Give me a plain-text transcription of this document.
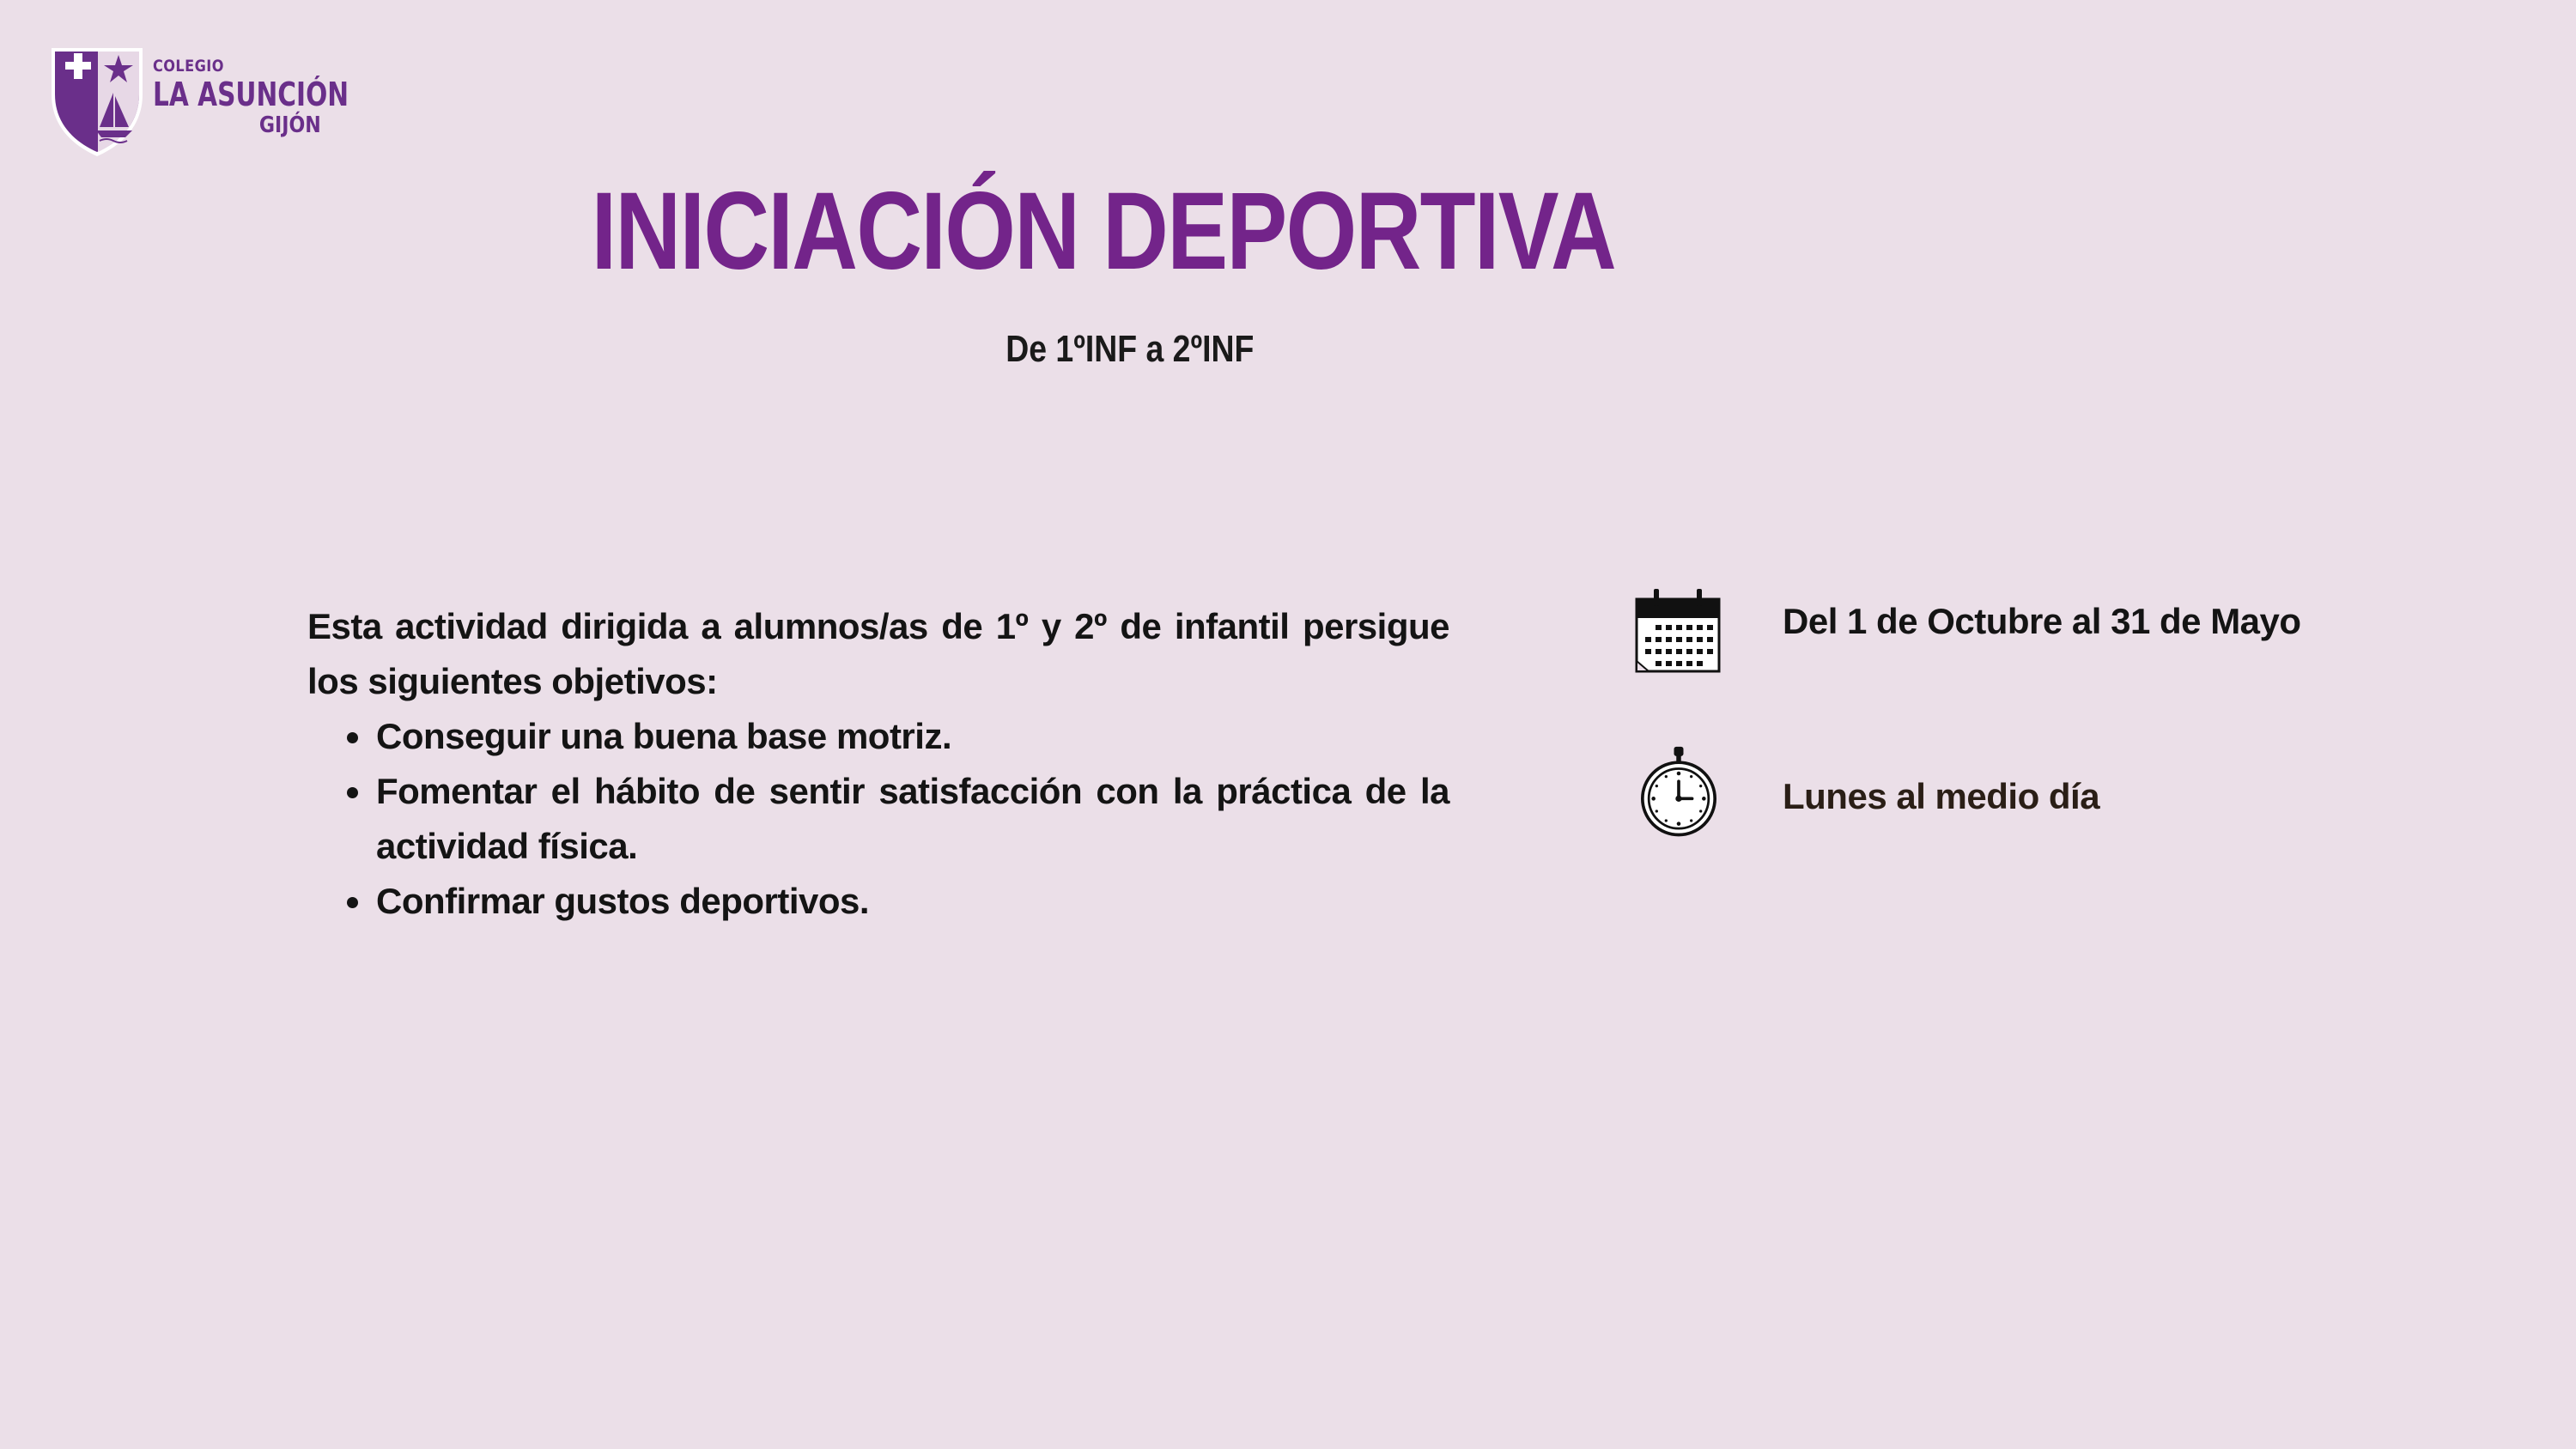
COLEGIO
LA ASUNCIÓN
GIJÓN
INICIACIÓN DEPORTIVA
De 1ºINF a 2ºINF

Esta actividad dirigida a alumnos/as de 1º y 2º de infantil persigue los siguientes objetivos:

• Conseguir una buena base motriz.
• Fomentar el hábito de sentir satisfacción con la práctica de la actividad física.
• Confirmar gustos deportivos.
Del 1 de Octubre al 31 de Mayo
Lunes al medio día
